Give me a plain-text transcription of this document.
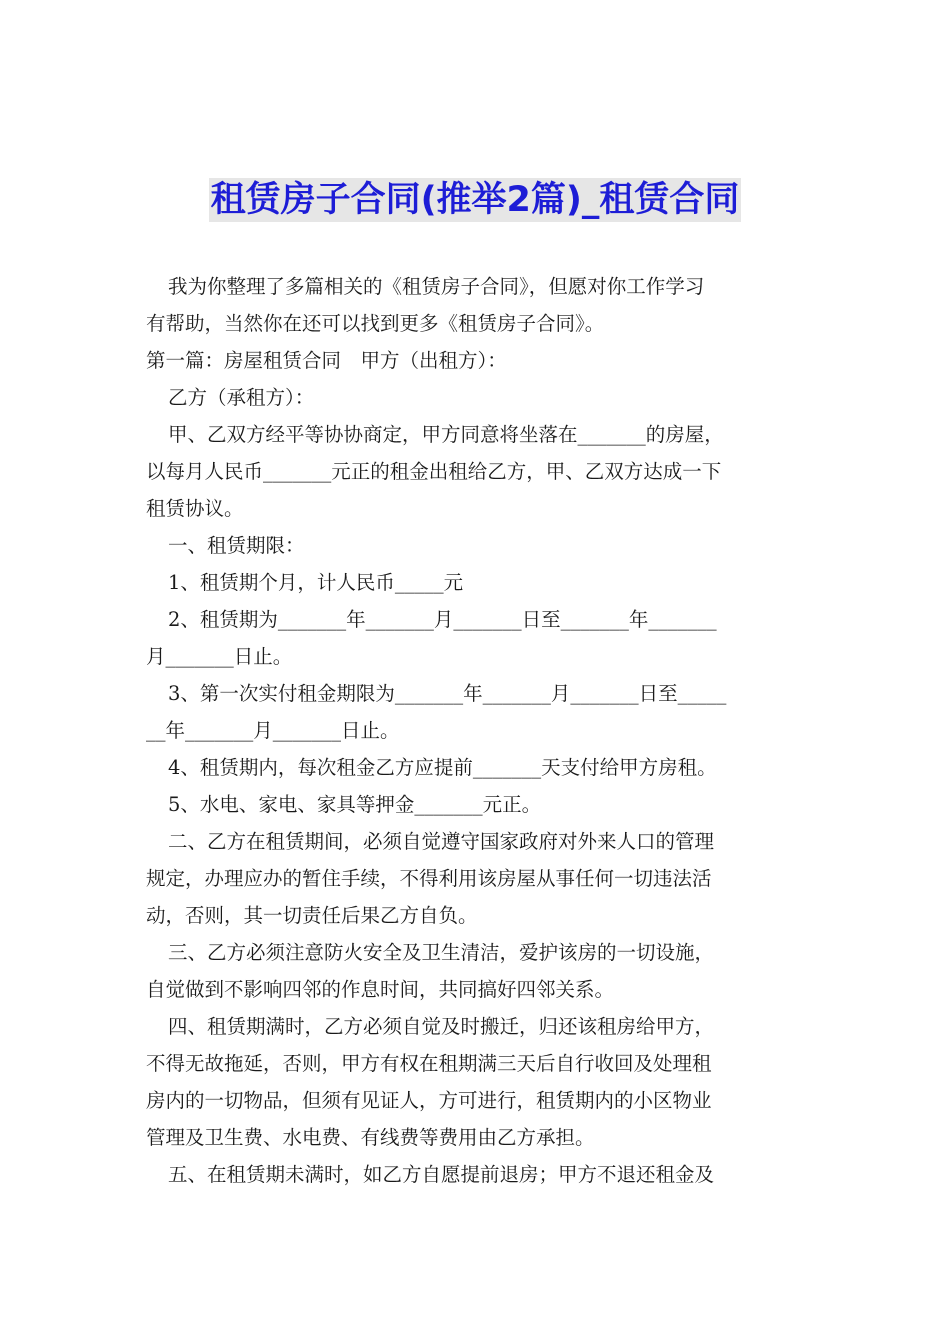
租赁房子合同(推举2篇)_租赁合同
我为你整理了多篇相关的《租赁房子合同》，但愿对你工作学习
有帮助，当然你在还可以找到更多《租赁房子合同》。
第一篇：房屋租赁合同　甲方（出租方）：
乙方（承租方）：
甲、乙双方经平等协协商定，甲方同意将坐落在_______的房屋，
以每月人民币_______元正的租金出租给乙方，甲、乙双方达成一下
租赁协议。
一、租赁期限：
1、租赁期个月，计人民币_____元
2、租赁期为_______年_______月_______日至_______年_______
月_______日止。
3、第一次实付租金期限为_______年_______月_______日至_____
__年_______月_______日止。
4、租赁期内，每次租金乙方应提前_______天支付给甲方房租。
5、水电、家电、家具等押金_______元正。
二、乙方在租赁期间，必须自觉遵守国家政府对外来人口的管理
规定，办理应办的暂住手续，不得利用该房屋从事任何一切违法活
动，否则，其一切责任后果乙方自负。
三、乙方必须注意防火安全及卫生清洁，爱护该房的一切设施，
自觉做到不影响四邻的作息时间，共同搞好四邻关系。
四、租赁期满时，乙方必须自觉及时搬迁，归还该租房给甲方，
不得无故拖延，否则，甲方有权在租期满三天后自行收回及处理租
房内的一切物品，但须有见证人，方可进行，租赁期内的小区物业
管理及卫生费、水电费、有线费等费用由乙方承担。
五、在租赁期未满时，如乙方自愿提前退房；甲方不退还租金及
